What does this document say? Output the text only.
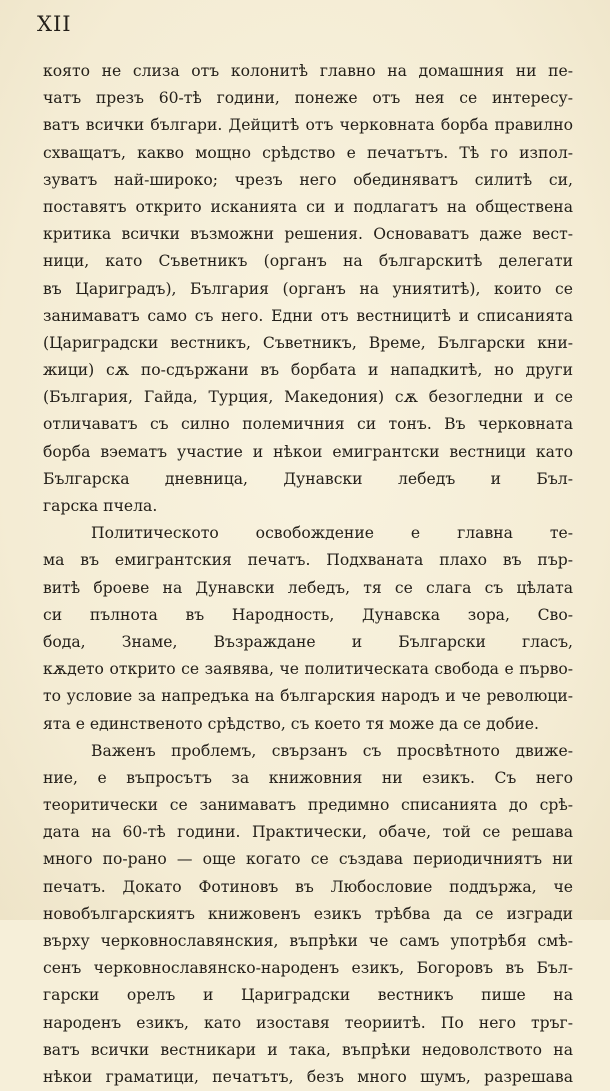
XII
която не слиза отъ колонитѣ главно на домашния ни пе-
чатъ презъ 60-тѣ години, понеже отъ нея се интересу-
ватъ всички българи. Дейцитѣ отъ черковната борба правилно
схващатъ, какво мощно срѣдство е печатътъ. Тѣ го изпол-
зуватъ най-широко; чрезъ него обединяватъ силитѣ си,
поставятъ открито исканията си и подлагатъ на обществена
критика всички възможни решения. Основаватъ даже вест-
ници, като Съветникъ (органъ на българскитѣ делегати
въ Цариградъ), България (органъ на униятитѣ), които се
занимаватъ само съ него. Едни отъ вестницитѣ и списанията
(Цариградски вестникъ, Съветникъ, Време, Български кни-
жици) сѫ по-сдържани въ борбата и нападкитѣ, но други
(България, Гайда, Турция, Македония) сѫ безогледни и се
отличаватъ съ силно полемичния си тонъ. Въ черковната
борба вэематъ участие и нѣкои емигрантски вестници като
Българска дневница, Дунавски лебедъ и Бъл-
гарска пчела.
Политическото освобождение е главна те-
ма въ емигрантския печатъ. Подхваната плахо въ пър-
витѣ броеве на Дунавски лебедъ, тя се слага съ цѣлата
си пълнота въ Народность, Дунавска зора, Сво-
бода, Знаме, Възраждане и Български гласъ,
кѫдето открито се заявява, че политическата свобода е първо-
то условие за напредъка на българския народъ и че революци-
ята е единственото срѣдство, съ което тя може да се добие.
Важенъ проблемъ, свързанъ съ просвѣтното движе-
ние, е въпросътъ за книжовния ни езикъ. Съ него
теоритически се занимаватъ предимно списанията до срѣ-
дата на 60-тѣ години. Практически, обаче, той се решава
много по-рано — още когато се създава периодичниятъ ни
печатъ. Докато Фотиновъ въ Любословие поддържа, че
новобългарскиятъ книжовенъ езикъ трѣбва да се изгради
върху черковнославянския, въпрѣки че самъ употрѣбя смѣ-
сенъ черковнославянско-народенъ езикъ, Богоровъ въ Бъл-
гарски орелъ и Цариградски вестникъ пише на
народенъ езикъ, като изоставя теориитѣ. По него тръг-
ватъ всички вестникари и така, въпрѣки недоволството на
нѣкои граматици, печатътъ, безъ много шумъ, разрешава
